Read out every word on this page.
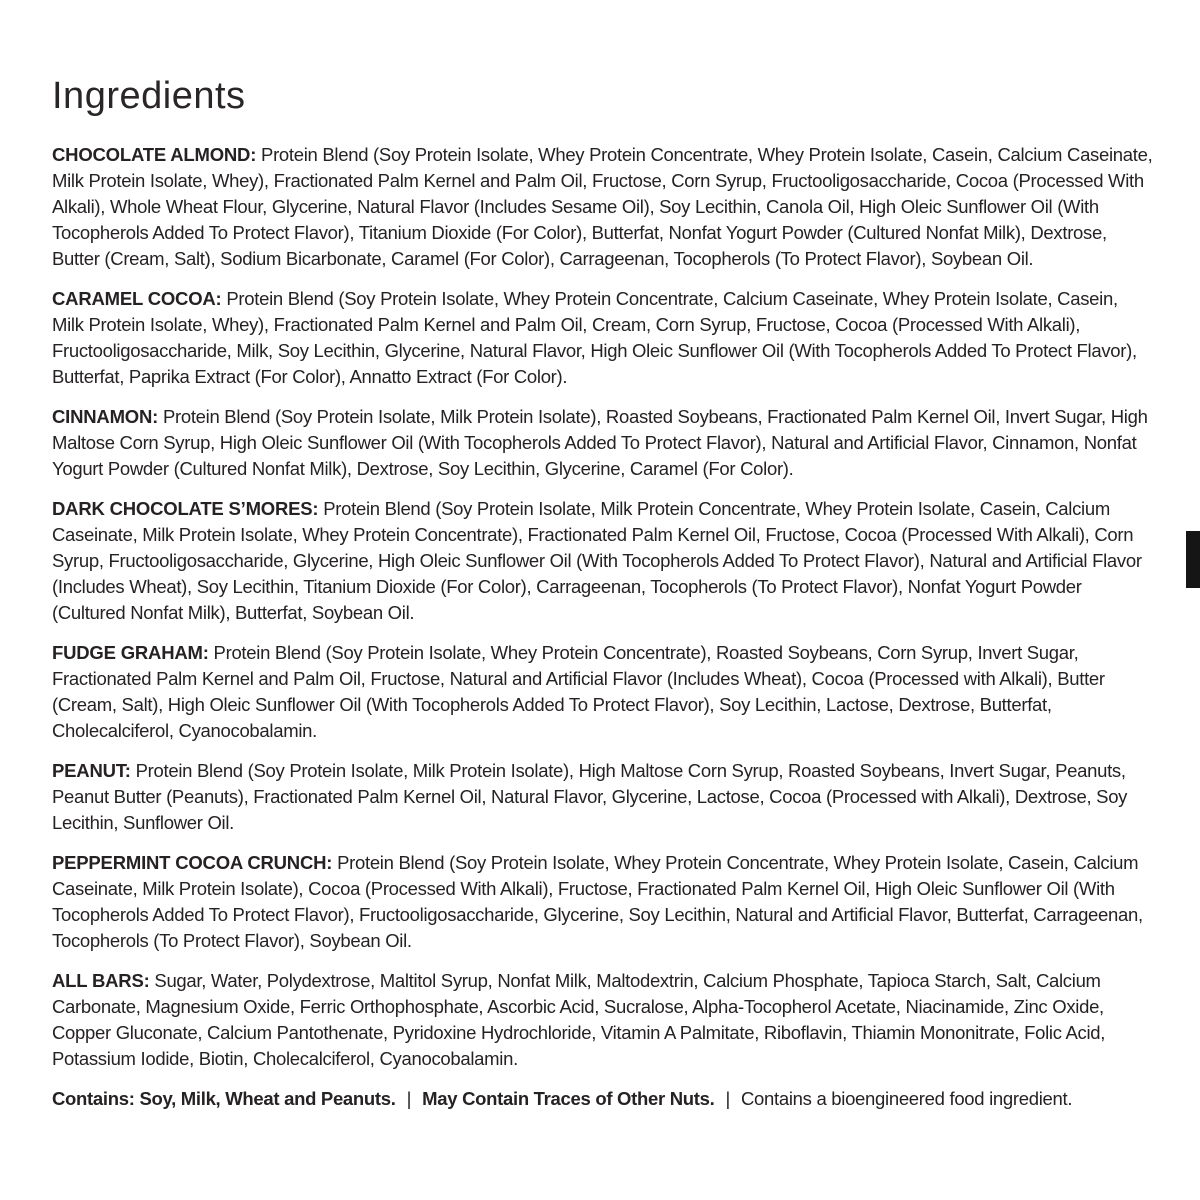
Ingredients

CHOCOLATE ALMOND: Protein Blend (Soy Protein Isolate, Whey Protein Concentrate, Whey Protein Isolate, Casein, Calcium Caseinate, Milk Protein Isolate, Whey), Fractionated Palm Kernel and Palm Oil, Fructose, Corn Syrup, Fructooligosaccharide, Cocoa (Processed With Alkali), Whole Wheat Flour, Glycerine, Natural Flavor (Includes Sesame Oil), Soy Lecithin, Canola Oil, High Oleic Sunflower Oil (With Tocopherols Added To Protect Flavor), Titanium Dioxide (For Color), Butterfat, Nonfat Yogurt Powder (Cultured Nonfat Milk), Dextrose, Butter (Cream, Salt), Sodium Bicarbonate, Caramel (For Color), Carrageenan, Tocopherols (To Protect Flavor), Soybean Oil.

CARAMEL COCOA: Protein Blend (Soy Protein Isolate, Whey Protein Concentrate, Calcium Caseinate, Whey Protein Isolate, Casein, Milk Protein Isolate, Whey), Fractionated Palm Kernel and Palm Oil, Cream, Corn Syrup, Fructose, Cocoa (Processed With Alkali), Fructooligosaccharide, Milk, Soy Lecithin, Glycerine, Natural Flavor, High Oleic Sunflower Oil (With Tocopherols Added To Protect Flavor), Butterfat, Paprika Extract (For Color), Annatto Extract (For Color).

CINNAMON: Protein Blend (Soy Protein Isolate, Milk Protein Isolate), Roasted Soybeans, Fractionated Palm Kernel Oil, Invert Sugar, High Maltose Corn Syrup, High Oleic Sunflower Oil (With Tocopherols Added To Protect Flavor), Natural and Artificial Flavor, Cinnamon, Nonfat Yogurt Powder (Cultured Nonfat Milk), Dextrose, Soy Lecithin, Glycerine, Caramel (For Color).

DARK CHOCOLATE S’MORES: Protein Blend (Soy Protein Isolate, Milk Protein Concentrate, Whey Protein Isolate, Casein, Calcium Caseinate, Milk Protein Isolate, Whey Protein Concentrate), Fractionated Palm Kernel Oil, Fructose, Cocoa (Processed With Alkali), Corn Syrup, Fructooligosaccharide, Glycerine, High Oleic Sunflower Oil (With Tocopherols Added To Protect Flavor), Natural and Artificial Flavor (Includes Wheat), Soy Lecithin, Titanium Dioxide (For Color), Carrageenan, Tocopherols (To Protect Flavor), Nonfat Yogurt Powder (Cultured Nonfat Milk), Butterfat, Soybean Oil.

FUDGE GRAHAM: Protein Blend (Soy Protein Isolate, Whey Protein Concentrate), Roasted Soybeans, Corn Syrup, Invert Sugar, Fractionated Palm Kernel and Palm Oil, Fructose, Natural and Artificial Flavor (Includes Wheat), Cocoa (Processed with Alkali), Butter (Cream, Salt), High Oleic Sunflower Oil (With Tocopherols Added To Protect Flavor), Soy Lecithin, Lactose, Dextrose, Butterfat, Cholecalciferol, Cyanocobalamin.

PEANUT: Protein Blend (Soy Protein Isolate, Milk Protein Isolate), High Maltose Corn Syrup, Roasted Soybeans, Invert Sugar, Peanuts, Peanut Butter (Peanuts), Fractionated Palm Kernel Oil, Natural Flavor, Glycerine, Lactose, Cocoa (Processed with Alkali), Dextrose, Soy Lecithin, Sunflower Oil.

PEPPERMINT COCOA CRUNCH: Protein Blend (Soy Protein Isolate, Whey Protein Concentrate, Whey Protein Isolate, Casein, Calcium Caseinate, Milk Protein Isolate), Cocoa (Processed With Alkali), Fructose, Fractionated Palm Kernel Oil, High Oleic Sunflower Oil (With Tocopherols Added To Protect Flavor), Fructooligosaccharide, Glycerine, Soy Lecithin, Natural and Artificial Flavor, Butterfat, Carrageenan, Tocopherols (To Protect Flavor), Soybean Oil.

ALL BARS: Sugar, Water, Polydextrose, Maltitol Syrup, Nonfat Milk, Maltodextrin, Calcium Phosphate, Tapioca Starch, Salt, Calcium Carbonate, Magnesium Oxide, Ferric Orthophosphate, Ascorbic Acid, Sucralose, Alpha-Tocopherol Acetate, Niacinamide, Zinc Oxide, Copper Gluconate, Calcium Pantothenate, Pyridoxine Hydrochloride, Vitamin A Palmitate, Riboflavin, Thiamin Mononitrate, Folic Acid, Potassium Iodide, Biotin, Cholecalciferol, Cyanocobalamin.

Contains: Soy, Milk, Wheat and Peanuts. | May Contain Traces of Other Nuts. | Contains a bioengineered food ingredient.
